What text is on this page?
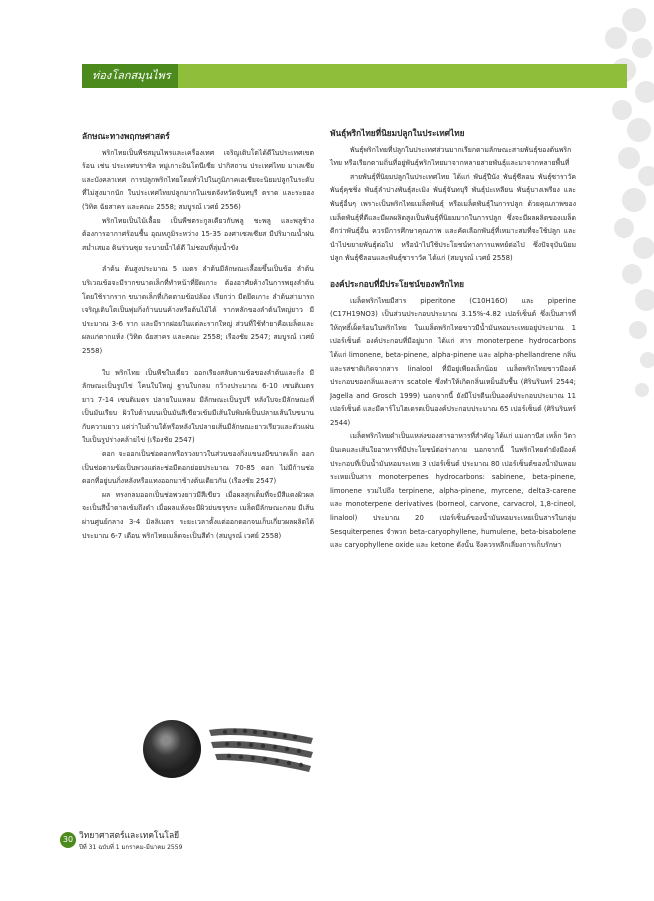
ท่องโลกสมุนไพร

ลักษณะทางพฤกษศาสตร์

พริกไทยเป็นพืชสมุนไพรและเครื่องเทศ เจริญเติบโตได้ดีในประเทศเขตร้อน เช่น ประเทศบราซิล หมู่เกาะอินโดนีเซีย ปากิสถาน ประเทศไทย มาเลเซีย และบังคลาเทศ การปลูกพริกไทยโดยทั่วไปในภูมิภาคเอเชียจะนิยมปลูกในระดับที่ไม่สูงมากนัก ในประเทศไทยปลูกมากในเขตจังหวัดจันทบุรี ตราด และระยอง (วิทิต ฉัยสาคร และคณะ 2558; สมบูรณ์ เวศย์ 2556)

พริกไทยเป็นไม้เลื้อย เป็นพืชตระกูลเดียวกับพลู ชะพลู และพลูช้าง ต้องการอากาศร้อนชื้น อุณหภูมิระหว่าง 15-35 องศาเซลเซียส มีปริมาณน้ำฝนสม่ำเสมอ ดินร่วนซุย ระบายน้ำได้ดี ไม่ชอบที่ลุ่มน้ำขัง

ลำต้น ต้นสูงประมาณ 5 เมตร ลำต้นมีลักษณะเลื้อยขึ้นเป็นข้อ ลำต้นบริเวณข้อจะมีรากขนาดเล็กที่ทำหน้าที่ยึดเกาะ ต้องอาศัยค้างในการพยุงลำต้น โดยใช้รากราก ขนาดเล็กที่เกิดตามข้อปล้อง เรียกว่า มีดยึดเกาะ ลำต้นสามารถเจริญเติบโตเป็นพุ่มกิ่งก้านบนค้างหรือต้นไม้ได้ รากหลักของลำต้นใหญ่ยาว มีประมาณ 3-6 ราก และมีรากฝอยในแต่ละรากใหญ่ ส่วนที่ใช้ทำยาคือเมล็ดและผลแก่ตากแห้ง (วิทิต ฉัยสาคร และคณะ 2558; เรืองชัย 2547; สมบูรณ์ เวศย์ 2558)

ใบ พริกไทย เป็นพืชใบเดี่ยว ออกเรียงสลับตามข้อของลำต้นและกิ่ง มีลักษณะเป็นรูปไข่ โคนใบใหญ่ ฐานใบกลม กว้างประมาณ 6-10 เซนติเมตร ยาว 7-14 เซนติเมตร ปลายใบแหลม มีลักษณะเป็นรูปรี หลังใบจะมีลักษณะที่เป็นมันเรียบ ผิวใบด้านบนเป็นมันสีเขียวเข้มมีเส้นใบพิมพ์เป็นปลายเส้นใบขนานกับความยาว แต่ว่าใบด้านใต้หรือหลังใบปลายเส้นมีลักษณะยาวเรียวและตัวแผ่นใบเป็นรูปร่างคล้ายไข่ (เรืองชัย 2547)

ดอก จะออกเป็นช่อดอกหรือรวงยาวในส่วนของกิ่งแขนงมีขนาดเล็ก ออกเป็นช่อตามข้อเป็นพวงแต่ละช่อมีดอกย่อยประมาณ 70-85 ดอก ไม่มีก้านช่อดอกที่อยู่บนกิ่งหลังหรือแทงออกมาข้างต้นเดียวกัน (เรืองชัย 2547)

ผล ทรงกลมออกเป็นช่อพวงยาวมีสีเขียว เมื่อผลสุกเต็มที่จะมีสีแดงผิวผลจะเป็นสีน้ำตาลเข้มถึงดำ เมื่อผลแห้งจะมีผิวย่นขรุขระ เมล็ดมีลักษณะกลม มีเส้นผ่านศูนย์กลาง 3-4 มิลลิเมตร ระยะเวลาตั้งแต่ออกดอกจนเก็บเกี่ยวผลผลิตได้ประมาณ 6-7 เดือน พริกไทยเมล็ดจะเป็นสีดำ (สมบูรณ์ เวศย์ 2558)

พันธุ์พริกไทยที่นิยมปลูกในประเทศไทย

พันธุ์พริกไทยที่ปลูกในประเทศส่วนมากเรียกตามลักษณะสายพันธุ์ของต้นพริกไทย หรือเรียกตามถิ่นที่อยู่พันธุ์พริกไทยมาจากหลายสายพันธุ์และมาจากหลายพื้นที่

สายพันธุ์ที่นิยมปลูกในประเทศไทย ได้แก่ พันธุ์ปีนัง พันธุ์ซีลอน พันธุ์ซาราวัค พันธุ์คุชชิ่ง พันธุ์ลำปางพันธุ์สะเมิง พันธุ์จันทบุรี พันธุ์ปะเหลียน พันธุ์บางเพรียง และพันธุ์อื่นๆ เพราะเป็นพริกไทยเมล็ดพันธุ์ หรือเมล็ดพันธุ์ในการปลูก ด้วยคุณภาพของเมล็ดพันธุ์ที่ดีและมีผลผลิตสูงเป็นพันธุ์ที่นิยมมากในการปลูก ซึ่งจะมีผลผลิตของเมล็ดดีกว่าพันธุ์อื่น ควรมีการศึกษาคุณภาพ และคัดเลือกพันธุ์ที่เหมาะสมที่จะใช้ปลูก และนำไปขยายพันธุ์ต่อไป หรือนำไปใช้ประโยชน์ทางการแพทย์ต่อไป ซึ่งปัจจุบันนิยมปลูก พันธุ์ซีลอนและพันธุ์ซาราวัค ได้แก่ (สมบูรณ์ เวศย์ 2558)

องค์ประกอบที่มีประโยชน์ของพริกไทย

เมล็ดพริกไทยมีสาร piperitone (C10H16O) และ piperine (C17H19NO3) เป็นส่วนประกอบประมาณ 3.15%-4.82 เปอร์เซ็นต์ ซึ่งเป็นสารที่ให้ฤทธิ์เผ็ดร้อนในพริกไทย ในเมล็ดพริกไทยขาวมีน้ำมันหอมระเหยอยู่ประมาณ 1 เปอร์เซ็นต์ องค์ประกอบที่มีอยู่มาก ได้แก่ สาร monoterpene hydrocarbons ได้แก่ limonene, beta-pinene, alpha-pinene และ alpha-phellandrene กลิ่นและรสชาติเกิดจากสาร linalool ที่มีอยู่เพียงเล็กน้อย เมล็ดพริกไทยขาวมีองค์ประกอบของกลิ่นและสาร scatole ซึ่งทำให้เกิดกลิ่นเหม็นอับชื้น (ศิรินรินทร์ 2544; Jagella and Grosch 1999) นอกจากนี้ ยังมีโปรตีนเป็นองค์ประกอบประมาณ 11 เปอร์เซ็นต์ และมีคาร์โบไฮเดรตเป็นองค์ประกอบประมาณ 65 เปอร์เซ็นต์ (ศิรินรินทร์ 2544)

เมล็ดพริกไทยดำเป็นแหล่งของสารอาหารที่สำคัญ ได้แก่ แมงกานีส เหล็ก วิตามินเคและเส้นใยอาหารที่มีประโยชน์ต่อร่างกาย นอกจากนี้ ในพริกไทยดำยังมีองค์ประกอบที่เป็นน้ำมันหอมระเหย 3 เปอร์เซ็นต์ ประมาณ 80 เปอร์เซ็นต์ของน้ำมันหอมระเหยเป็นสาร monoterpenes hydrocarbons: sabinene, beta-pinene, limonene รวมไปถึง terpinene, alpha-pinene, myrcene, delta3-carene และ monoterpene derivatives (borneol, carvone, carvacrol, 1,8-cineol, linalool) ประมาณ 20 เปอร์เซ็นต์ของน้ำมันหอมระเหยเป็นสารในกลุ่ม Sesquiterpenes จำพวก beta-caryophyllene, humulene, beta-bisabolene และ caryophyllene oxide และ ketone ดังนั้น จึงควรหลีกเลี่ยงการเก็บรักษา

30 วิทยาศาสตร์และเทคโนโลยี
ปีที่ 31 ฉบับที่ 1 มกราคม-มีนาคม 2559
